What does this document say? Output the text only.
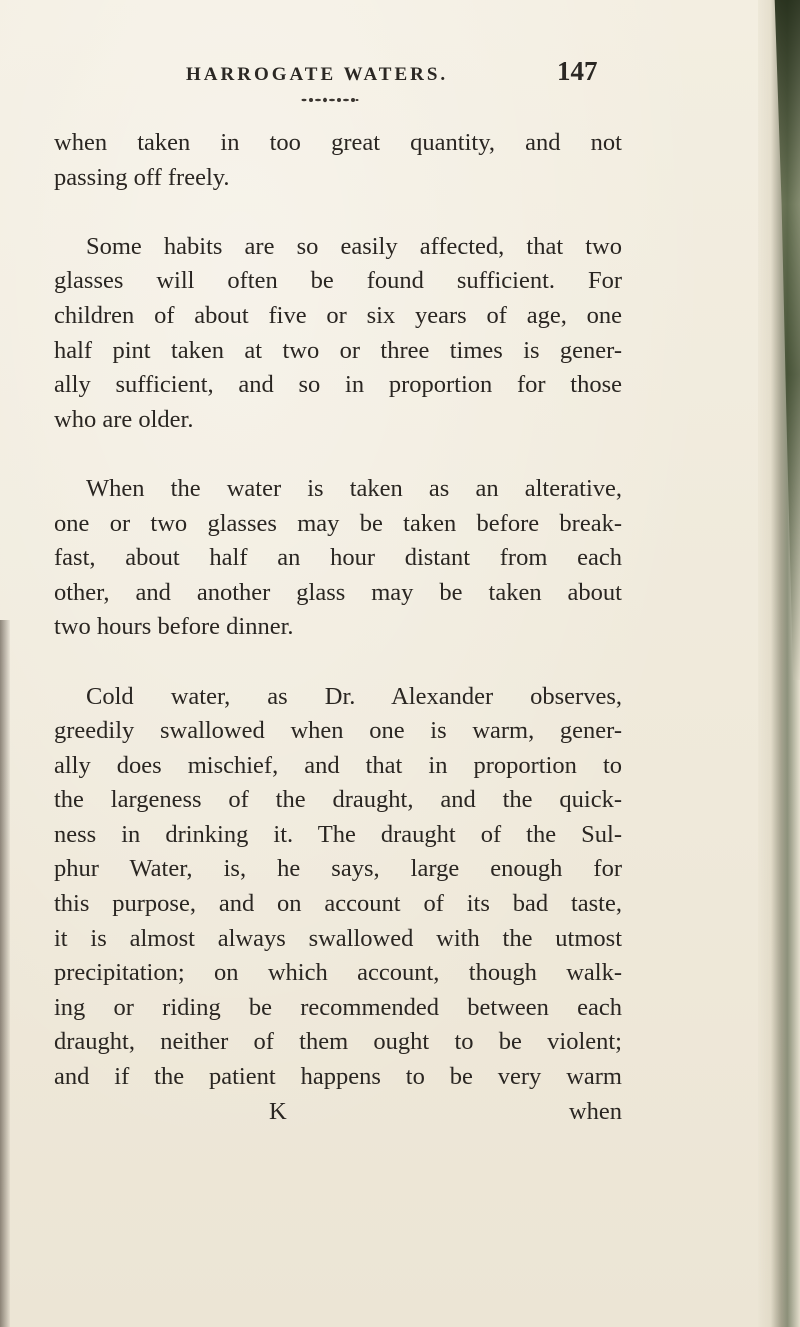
HARROGATE WATERS.	147
when taken in too great quantity, and not
passing off freely.
Some habits are so easily affected, that two
glasses will often be found sufficient. For
children of about five or six years of age, one
half pint taken at two or three times is gener-
ally sufficient, and so in proportion for those
who are older.
When the water is taken as an alterative,
one or two glasses may be taken before break-
fast, about half an hour distant from each
other, and another glass may be taken about
two hours before dinner.
Cold water, as Dr. Alexander observes,
greedily swallowed when one is warm, gener-
ally does mischief, and that in proportion to
the largeness of the draught, and the quick-
ness in drinking it. The draught of the Sul-
phur Water, is, he says, large enough for
this purpose, and on account of its bad taste,
it is almost always swallowed with the utmost
precipitation; on which account, though walk-
ing or riding be recommended between each
draught, neither of them ought to be violent;
and if the patient happens to be very warm
K	when
